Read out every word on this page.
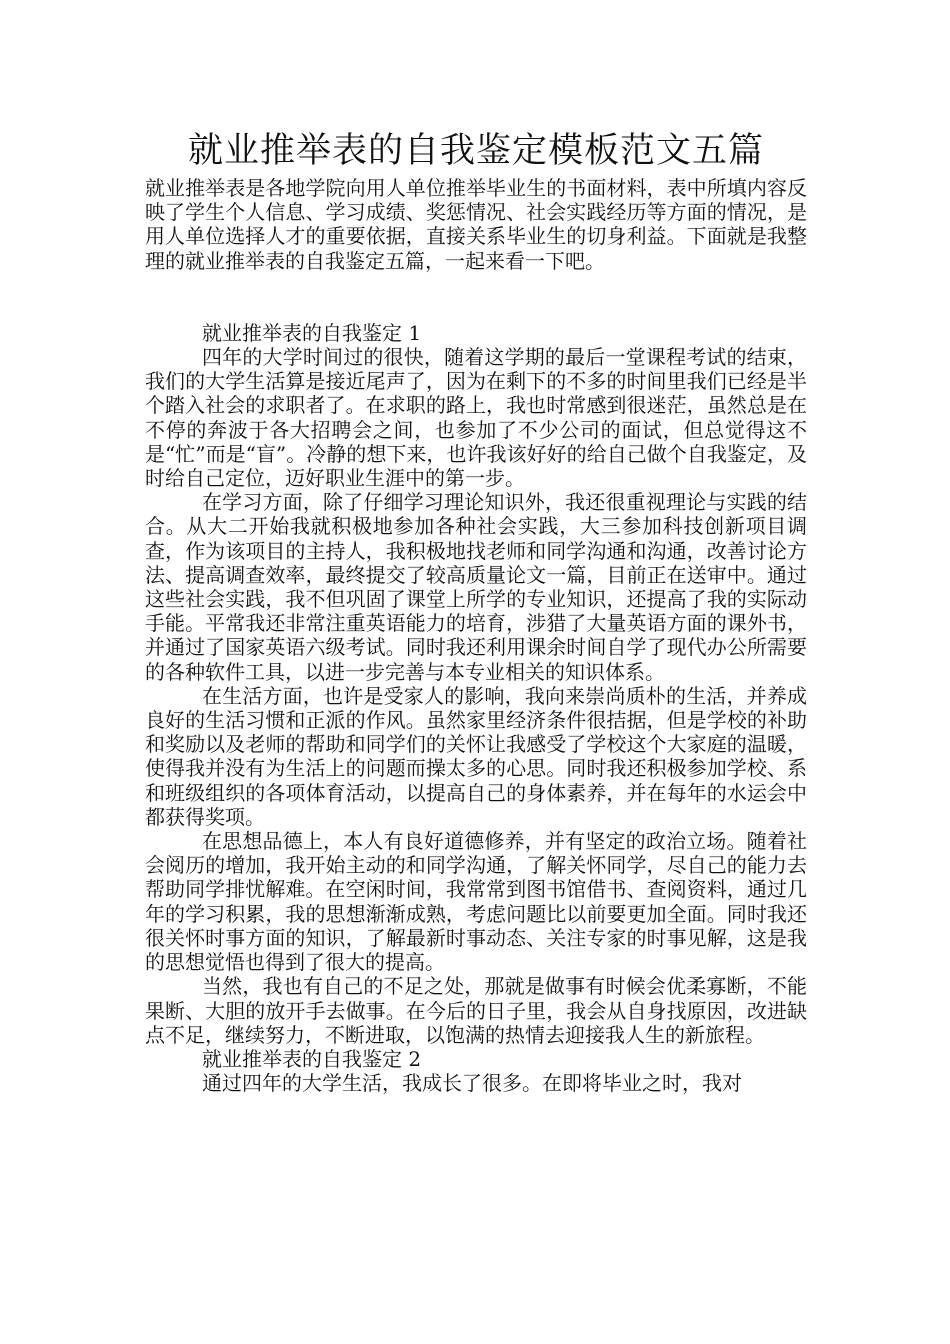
就业推举表的自我鉴定模板范文五篇

就业推举表是各地学院向用人单位推举毕业生的书面材料，表中所填内容反映了学生个人信息、学习成绩、奖惩情况、社会实践经历等方面的情况，是用人单位选择人才的重要依据，直接关系毕业生的切身利益。下面就是我整理的就业推举表的自我鉴定五篇，一起来看一下吧。

就业推举表的自我鉴定 1

四年的大学时间过的很快，随着这学期的最后一堂课程考试的结束，我们的大学生活算是接近尾声了，因为在剩下的不多的时间里我们已经是半个踏入社会的求职者了。在求职的路上，我也时常感到很迷茫，虽然总是在不停的奔波于各大招聘会之间，也参加了不少公司的面试，但总觉得这不是“忙”而是“盲”。冷静的想下来，也许我该好好的给自己做个自我鉴定，及时给自己定位，迈好职业生涯中的第一步。

在学习方面，除了仔细学习理论知识外，我还很重视理论与实践的结合。从大二开始我就积极地参加各种社会实践，大三参加科技创新项目调查，作为该项目的主持人，我积极地找老师和同学沟通和沟通，改善讨论方法、提高调查效率，最终提交了较高质量论文一篇，目前正在送审中。通过这些社会实践，我不但巩固了课堂上所学的专业知识，还提高了我的实际动手能。平常我还非常注重英语能力的培育，涉猎了大量英语方面的课外书，并通过了国家英语六级考试。同时我还利用课余时间自学了现代办公所需要的各种软件工具，以进一步完善与本专业相关的知识体系。

在生活方面，也许是受家人的影响，我向来崇尚质朴的生活，并养成良好的生活习惯和正派的作风。虽然家里经济条件很拮据，但是学校的补助和奖励以及老师的帮助和同学们的关怀让我感受了学校这个大家庭的温暖，使得我并没有为生活上的问题而操太多的心思。同时我还积极参加学校、系和班级组织的各项体育活动，以提高自己的身体素养，并在每年的水运会中都获得奖项。

在思想品德上，本人有良好道德修养，并有坚定的政治立场。随着社会阅历的增加，我开始主动的和同学沟通，了解关怀同学，尽自己的能力去帮助同学排忧解难。在空闲时间，我常常到图书馆借书、查阅资料，通过几年的学习积累，我的思想渐渐成熟，考虑问题比以前要更加全面。同时我还很关怀时事方面的知识，了解最新时事动态、关注专家的时事见解，这是我的思想觉悟也得到了很大的提高。

当然，我也有自己的不足之处，那就是做事有时候会优柔寡断，不能果断、大胆的放开手去做事。在今后的日子里，我会从自身找原因，改进缺点不足，继续努力，不断进取，以饱满的热情去迎接我人生的新旅程。

就业推举表的自我鉴定 2

通过四年的大学生活，我成长了很多。在即将毕业之时，我对
